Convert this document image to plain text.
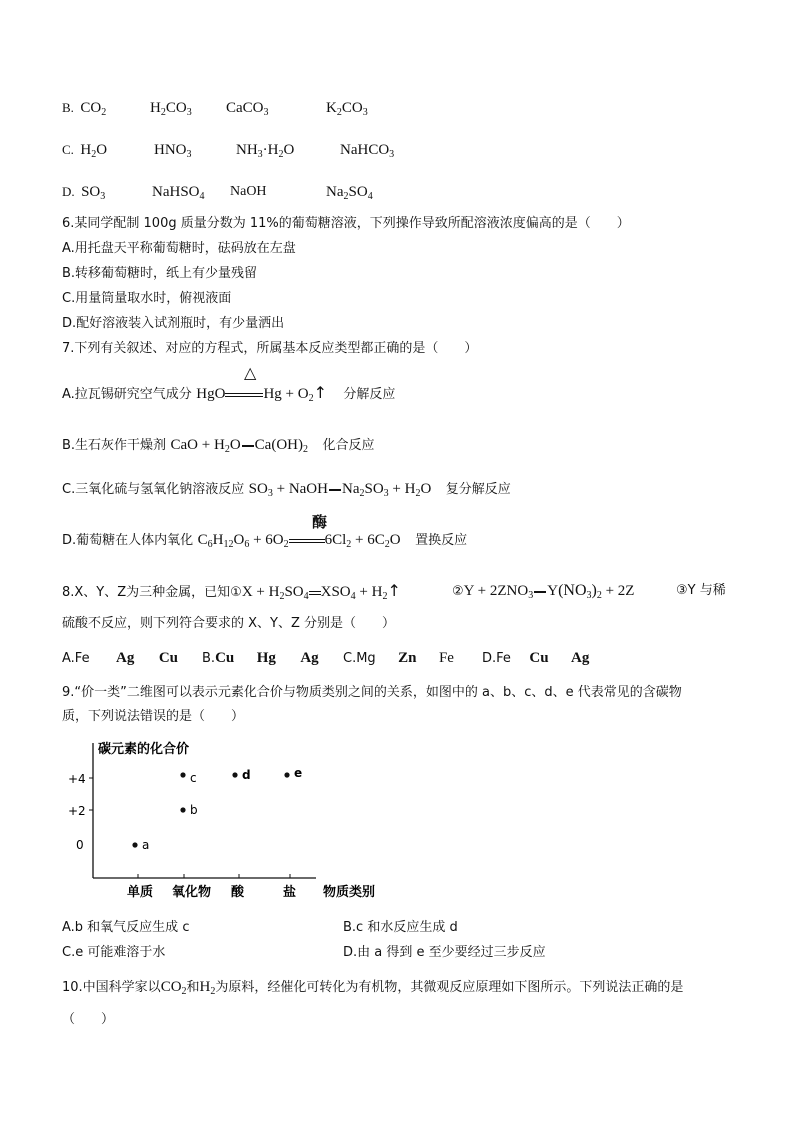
B. $CO_2$	$H_2CO_3$ CaCO$_3$	$K_2CO_3$
C. $H_2O$	$HNO_3$	$NH_3\cdot H_2O$	NaHCO$_3$
D. $SO_3$	NaHSO$_4$ NaOH	$Na_2SO_4$
6.某同学配制 100g 质量分数为 11%的葡萄糖溶液，下列操作导致所配溶液浓度偏高的是（　　）
A.用托盘天平称葡萄糖时，砝码放在左盘
B.转移葡萄糖时，纸上有少量残留
C.用量筒量取水时，俯视液面
D.配好溶液装入试剂瓶时，有少量洒出
7.下列有关叙述、对应的方程式，所属基本反应类型都正确的是（　　）
A.拉瓦锡研究空气成分 HgO	$Hg + O_2↑$ 分解反应
△
B.生石灰作干燥剂 CaO + $H_2O$ $Ca(OH)_2$ 化合反应
C.三氧化硫与氢氧化钠溶液反应 $SO_3$ + NaOH $Na_2SO_3 + H_2O$ 复分解反应
D.葡萄糖在人体内氧化 $C_6H_{12}O_6 + 6O_2$ $6Cl_2 + 6C_2O$ 置换反应
酶
8.X、Y、Z为三种金属，已知①X + $H_2SO_4$ $XSO_4$ + $H_2↑$	②Y + $2ZNO_3$ $Y(NO_3)_2 + 2Z$	③Y 与稀
硫酸不反应，则下列符合要求的 X、Y、Z 分别是（　　）
A.Fe Ag Cu B.Cu Hg Ag C.Mg Zn Fe D.Fe Cu Ag
9.“价一类”二维图可以表示元素化合价与物质类别之间的关系，如图中的 a、b、c、d、e 代表常见的含碳物
质，下列说法错误的是（　　）
碳元素的化合价
+4
+2
0
单质 氧化物 酸	盐 物质类别
a
b
c	d	e
A.b 和氧气反应生成 c	B.c 和水反应生成 d
C.e 可能难溶于水	D.由 a 得到 e 至少要经过三步反应
10.中国科学家以$CO_2$和$H_2$为原料，经催化可转化为有机物，其微观反应原理如下图所示。下列说法正确的是
（　　）
